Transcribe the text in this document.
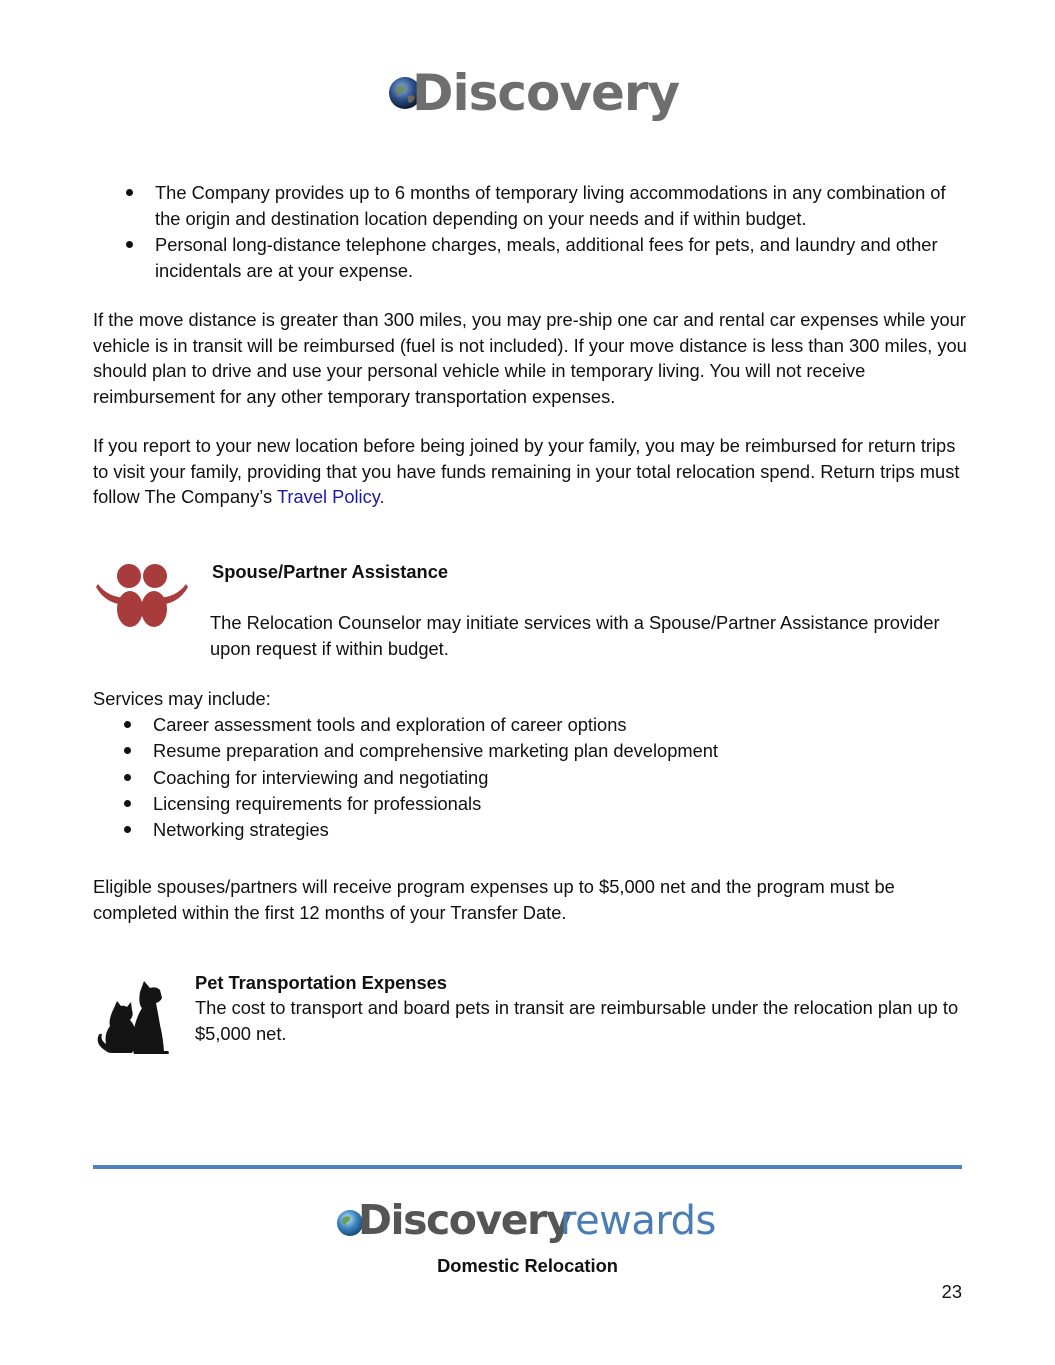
Discovery
The Company provides up to 6 months of temporary living accommodations in any combination of the origin and destination location depending on your needs and if within budget.
Personal long-distance telephone charges, meals, additional fees for pets, and laundry and other incidentals are at your expense.

If the move distance is greater than 300 miles, you may pre-ship one car and rental car expenses while your vehicle is in transit will be reimbursed (fuel is not included). If your move distance is less than 300 miles, you should plan to drive and use your personal vehicle while in temporary living. You will not receive reimbursement for any other temporary transportation expenses.

If you report to your new location before being joined by your family, you may be reimbursed for return trips to visit your family, providing that you have funds remaining in your total relocation spend. Return trips must follow The Company’s Travel Policy.

Spouse/Partner Assistance

The Relocation Counselor may initiate services with a Spouse/Partner Assistance provider upon request if within budget.

Services may include:
Career assessment tools and exploration of career options
Resume preparation and comprehensive marketing plan development
Coaching for interviewing and negotiating
Licensing requirements for professionals
Networking strategies

Eligible spouses/partners will receive program expenses up to $5,000 net and the program must be completed within the first 12 months of your Transfer Date.

Pet Transportation Expenses

The cost to transport and board pets in transit are reimbursable under the relocation plan up to $5,000 net.

Discovery
rewards
Domestic Relocation
23
